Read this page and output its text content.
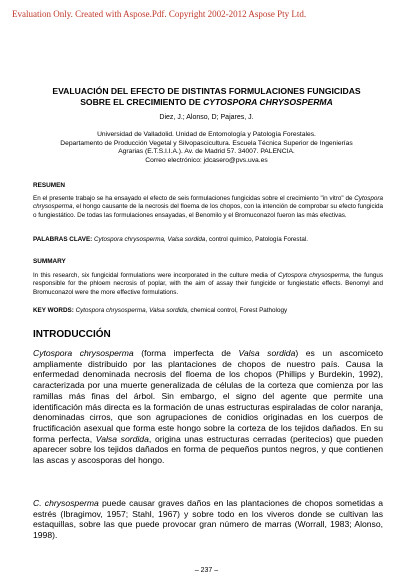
Evaluation Only. Created with Aspose.Pdf. Copyright 2002-2012 Aspose Pty Ltd.
EVALUACIÓN DEL EFECTO DE DISTINTAS FORMULACIONES FUNGICIDAS
SOBRE EL CRECIMIENTO DE CYTOSPORA CHRYSOSPERMA
Diez, J.; Alonso, D; Pajares, J.
Universidad de Valladolid. Unidad de Entomología y Patología Forestales.
Departamento de Producción Vegetal y Silvopascicultura. Escuela Técnica Superior de Ingenierías
Agrarias (E.T.S.I.I.A.). Av. de Madrid 57. 34007. PALENCIA.
Correo electrónico: jdcasero@pvs.uva.es
RESUMEN
En el presente trabajo se ha ensayado el efecto de seis formulaciones fungicidas sobre el crecimiento "in vitro" de Cytospora chrysosperma, el hongo causante de la necrosis del floema de los chopos, con la intención de comprobar su efecto fungicida o fungiestático. De todas las formulaciones ensayadas, el Benomilo y el Bromuconazol fueron las más efectivas.
PALABRAS CLAVE: Cytospora chrysosperma, Valsa sordida, control químico, Patología Forestal.
SUMMARY
In this research, six fungicidal formulations were incorporated in the culture media of Cytospora chrysosperma, the fungus responsible for the phloem necrosis of poplar, with the aim of assay their fungicide or fungiestatic effects. Benomyl and Bromuconazol were the more effective formulations.
KEY WORDS: Cytospora chrysosperma, Valsa sordida, chemical control, Forest Pathology
INTRODUCCIÓN
Cytospora chrysosperma (forma imperfecta de Valsa sordida) es un ascomiceto ampliamente distribuido por las plantaciones de chopos de nuestro país. Causa la enfermedad denominada necrosis del floema de los chopos (Phillips y Burdekin, 1992), caracterizada por una muerte generalizada de células de la corteza que comienza por las ramillas más finas del árbol. Sin embargo, el signo del agente que permite una identificación más directa es la formación de unas estructuras espiraladas de color naranja, denominadas cirros, que son agrupaciones de conidios originadas en los cuerpos de fructificación asexual que forma este hongo sobre la corteza de los tejidos dañados. En su forma perfecta, Valsa sordida, origina unas estructuras cerradas (peritecios) que pueden aparecer sobre los tejidos dañados en forma de pequeños puntos negros, y que contienen las ascas y ascosporas del hongo.
C. chrysosperma puede causar graves daños en las plantaciones de chopos sometidas a estrés (Ibragimov, 1957; Stahl, 1967) y sobre todo en los viveros donde se cultivan las estaquillas, sobre las que puede provocar gran número de marras (Worrall, 1983; Alonso, 1998).
– 237 –
